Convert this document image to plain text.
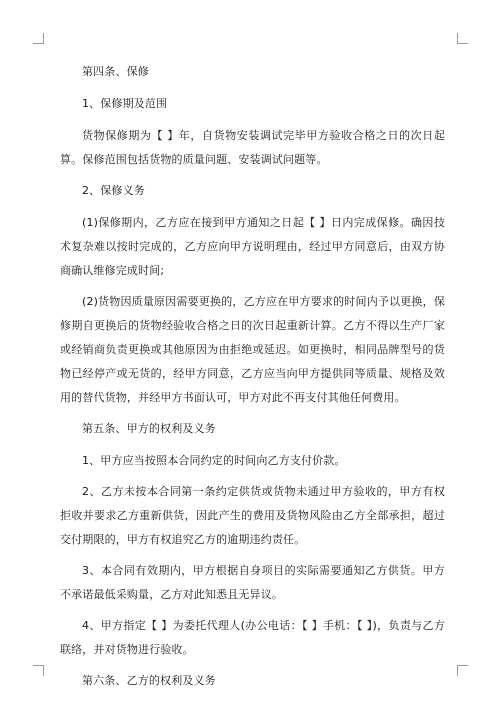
第四条、保修

1、保修期及范围

货物保修期为【 】年，自货物安装调试完毕甲方验收合格之日的次日起算。保修范围包括货物的质量问题、安装调试问题等。

2、保修义务

(1)保修期内，乙方应在接到甲方通知之日起【 】日内完成保修。确因技术复杂难以按时完成的，乙方应向甲方说明理由，经过甲方同意后，由双方协商确认维修完成时间;

(2)货物因质量原因需要更换的，乙方应在甲方要求的时间内予以更换，保修期自更换后的货物经验收合格之日的次日起重新计算。乙方不得以生产厂家或经销商负责更换或其他原因为由拒绝或延迟。如更换时，相同品牌型号的货物已经停产或无货的，经甲方同意，乙方应当向甲方提供同等质量、规格及效用的替代货物，并经甲方书面认可，甲方对此不再支付其他任何费用。

第五条、甲方的权利及义务

1、甲方应当按照本合同约定的时间向乙方支付价款。

2、乙方未按本合同第一条约定供货或货物未通过甲方验收的，甲方有权拒收并要求乙方重新供货，因此产生的费用及货物风险由乙方全部承担，超过交付期限的，甲方有权追究乙方的逾期违约责任。

3、本合同有效期内，甲方根据自身项目的实际需要通知乙方供货。甲方不承诺最低采购量，乙方对此知悉且无异议。

4、甲方指定【 】为委托代理人(办公电话：【 】手机：【 】)，负责与乙方联络，并对货物进行验收。

第六条、乙方的权利及义务
